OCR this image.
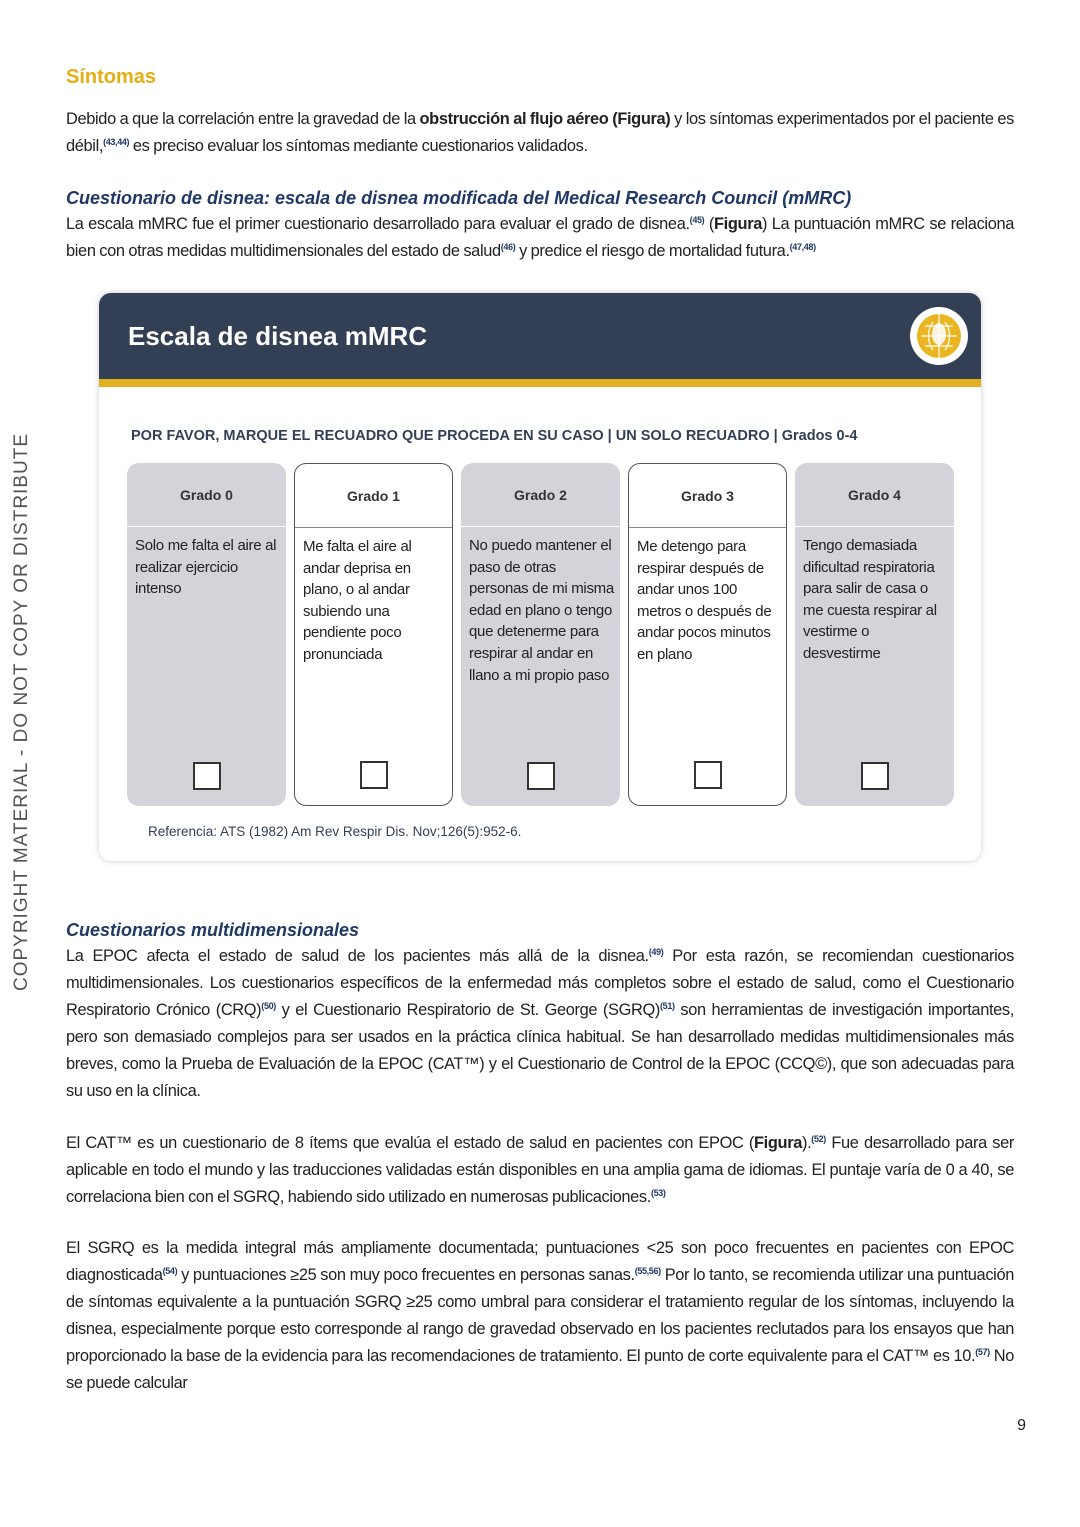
Síntomas

Debido a que la correlación entre la gravedad de la obstrucción al flujo aéreo (Figura) y los síntomas experimentados por el paciente es débil,$^{(43,44)}$ es preciso evaluar los síntomas mediante cuestionarios validados.

Cuestionario de disnea: escala de disnea modificada del Medical Research Council (mMRC)

La escala mMRC fue el primer cuestionario desarrollado para evaluar el grado de disnea.$^{(45)}$ (Figura) La puntuación mMRC se relaciona bien con otras medidas multidimensionales del estado de salud$^{(46)}$ y predice el riesgo de mortalidad futura.$^{(47,48)}$

Escala de disnea mMRC
POR FAVOR, MARQUE EL RECUADRO QUE PROCEDA EN SU CASO | UN SOLO RECUADRO | Grados 0-4
Grado 0
Solo me falta el aire al realizar ejercicio intenso
Grado 1
Me falta el aire al andar deprisa en plano, o al andar subiendo una pendiente poco pronunciada
Grado 2
No puedo mantener el paso de otras personas de mi misma edad en plano o tengo que detenerme para respirar al andar en llano a mi propio paso
Grado 3
Me detengo para respirar después de andar unos 100 metros o después de andar pocos minutos en plano
Grado 4
Tengo demasiada dificultad respiratoria para salir de casa o me cuesta respirar al vestirme o desvestirme
Referencia: ATS (1982) Am Rev Respir Dis. Nov;126(5):952-6.
Cuestionarios multidimensionales

La EPOC afecta el estado de salud de los pacientes más allá de la disnea.$^{(49)}$ Por esta razón, se recomiendan cuestionarios multidimensionales. Los cuestionarios específicos de la enfermedad más completos sobre el estado de salud, como el Cuestionario Respiratorio Crónico (CRQ)$^{(50)}$ y el Cuestionario Respiratorio de St. George (SGRQ)$^{(51)}$ son herramientas de investigación importantes, pero son demasiado complejos para ser usados en la práctica clínica habitual. Se han desarrollado medidas multidimensionales más breves, como la Prueba de Evaluación de la EPOC (CAT™) y el Cuestionario de Control de la EPOC (CCQ©), que son adecuadas para su uso en la clínica.

El CAT™ es un cuestionario de 8 ítems que evalúa el estado de salud en pacientes con EPOC (Figura).$^{(52)}$ Fue desarrollado para ser aplicable en todo el mundo y las traducciones validadas están disponibles en una amplia gama de idiomas. El puntaje varía de 0 a 40, se correlaciona bien con el SGRQ, habiendo sido utilizado en numerosas publicaciones.$^{(53)}$

El SGRQ es la medida integral más ampliamente documentada; puntuaciones <25 son poco frecuentes en pacientes con EPOC diagnosticada$^{(54)}$ y puntuaciones ≥25 son muy poco frecuentes en personas sanas.$^{(55,56)}$ Por lo tanto, se recomienda utilizar una puntuación de síntomas equivalente a la puntuación SGRQ ≥25 como umbral para considerar el tratamiento regular de los síntomas, incluyendo la disnea, especialmente porque esto corresponde al rango de gravedad observado en los pacientes reclutados para los ensayos que han proporcionado la base de la evidencia para las recomendaciones de tratamiento. El punto de corte equivalente para el CAT™ es 10.$^{(57)}$ No se puede calcular

9
COPYRIGHT MATERIAL - DO NOT COPY OR DISTRIBUTE
